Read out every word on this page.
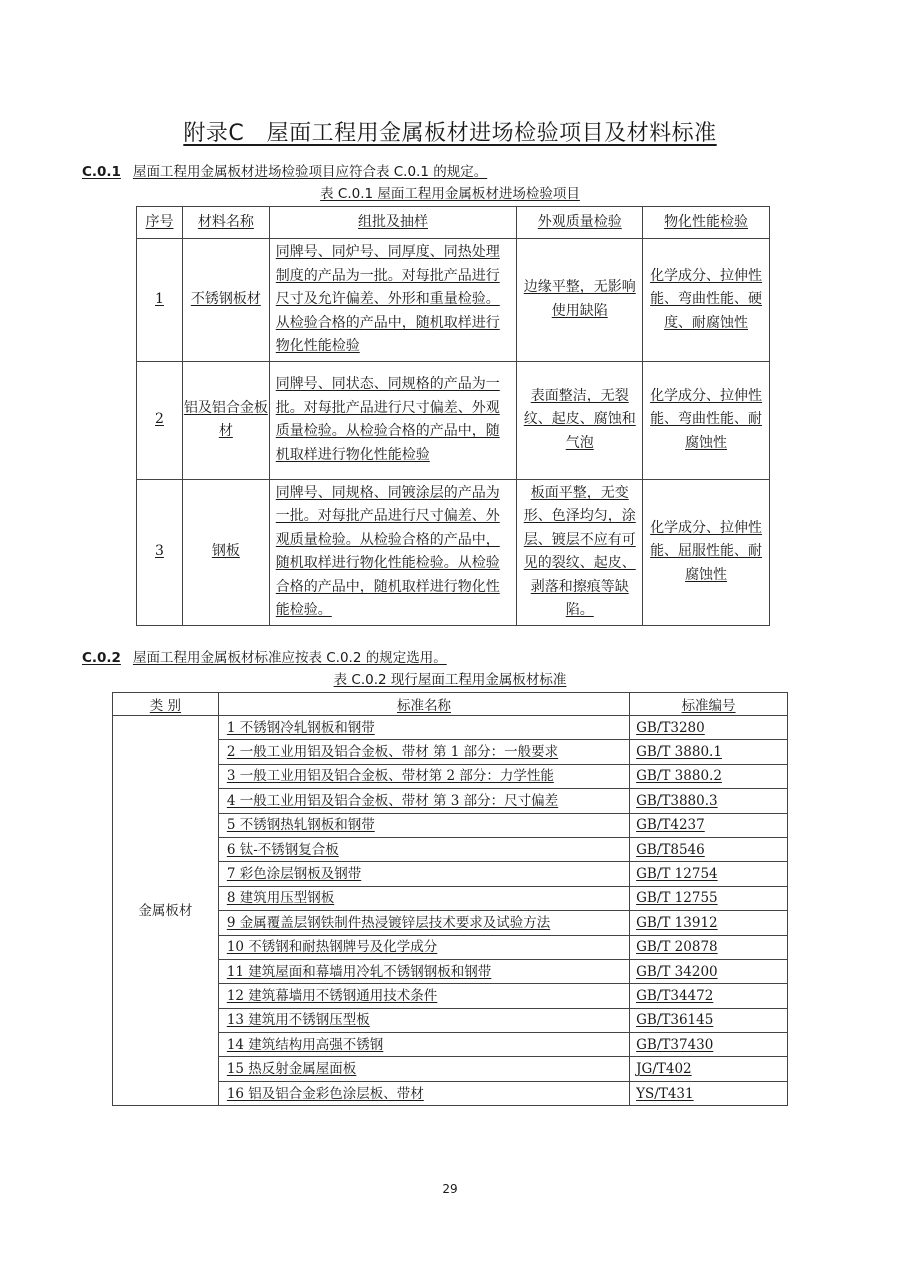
附录C　屋面工程用金属板材进场检验项目及材料标准
C.0.1 屋面工程用金属板材进场检验项目应符合表 C.0.1 的规定。
表 C.0.1 屋面工程用金属板材进场检验项目
序号	材料名称	组批及抽样	外观质量检验	物化性能检验
1	不锈钢板材	同牌号、同炉号、同厚度、同热处理制度的产品为一批。对每批产品进行尺寸及允许偏差、外形和重量检验。从检验合格的产品中，随机取样进行物化性能检验	边缘平整，无影响使用缺陷	化学成分、拉伸性能、弯曲性能、硬度、耐腐蚀性
2	铝及铝合金板材	同牌号、同状态、同规格的产品为一批。对每批产品进行尺寸偏差、外观质量检验。从检验合格的产品中，随机取样进行物化性能检验	表面整洁，无裂纹、起皮、腐蚀和气泡	化学成分、拉伸性能、弯曲性能、耐腐蚀性
3	钢板	同牌号、同规格、同镀涂层的产品为一批。对每批产品进行尺寸偏差、外观质量检验。从检验合格的产品中，随机取样进行物化性能检验。从检验合格的产品中，随机取样进行物化性能检验。	板面平整，无变形、色泽均匀，涂层、镀层不应有可见的裂纹、起皮、剥落和擦痕等缺陷。	化学成分、拉伸性能、屈服性能、耐腐蚀性
C.0.2 屋面工程用金属板材标准应按表 C.0.2 的规定选用。
表 C.0.2 现行屋面工程用金属板材标准
类 别	标准名称	标准编号
金属板材	1 不锈钢冷轧钢板和钢带	GB/T3280
	2 一般工业用铝及铝合金板、带材 第 1 部分：一般要求	GB/T 3880.1
	3 一般工业用铝及铝合金板、带材第 2 部分：力学性能	GB/T 3880.2
	4 一般工业用铝及铝合金板、带材 第 3 部分：尺寸偏差	GB/T3880.3
	5 不锈钢热轧钢板和钢带	GB/T4237
	6 钛-不锈钢复合板	GB/T8546
	7 彩色涂层钢板及钢带	GB/T 12754
	8 建筑用压型钢板	GB/T 12755
	9 金属覆盖层钢铁制件热浸镀锌层技术要求及试验方法	GB/T 13912
	10 不锈钢和耐热钢牌号及化学成分	GB/T 20878
	11 建筑屋面和幕墙用冷轧不锈钢钢板和钢带	GB/T 34200
	12 建筑幕墙用不锈钢通用技术条件	GB/T34472
	13 建筑用不锈钢压型板	GB/T36145
	14 建筑结构用高强不锈钢	GB/T37430
	15 热反射金属屋面板	JG/T402
	16 铝及铝合金彩色涂层板、带材	YS/T431
29
